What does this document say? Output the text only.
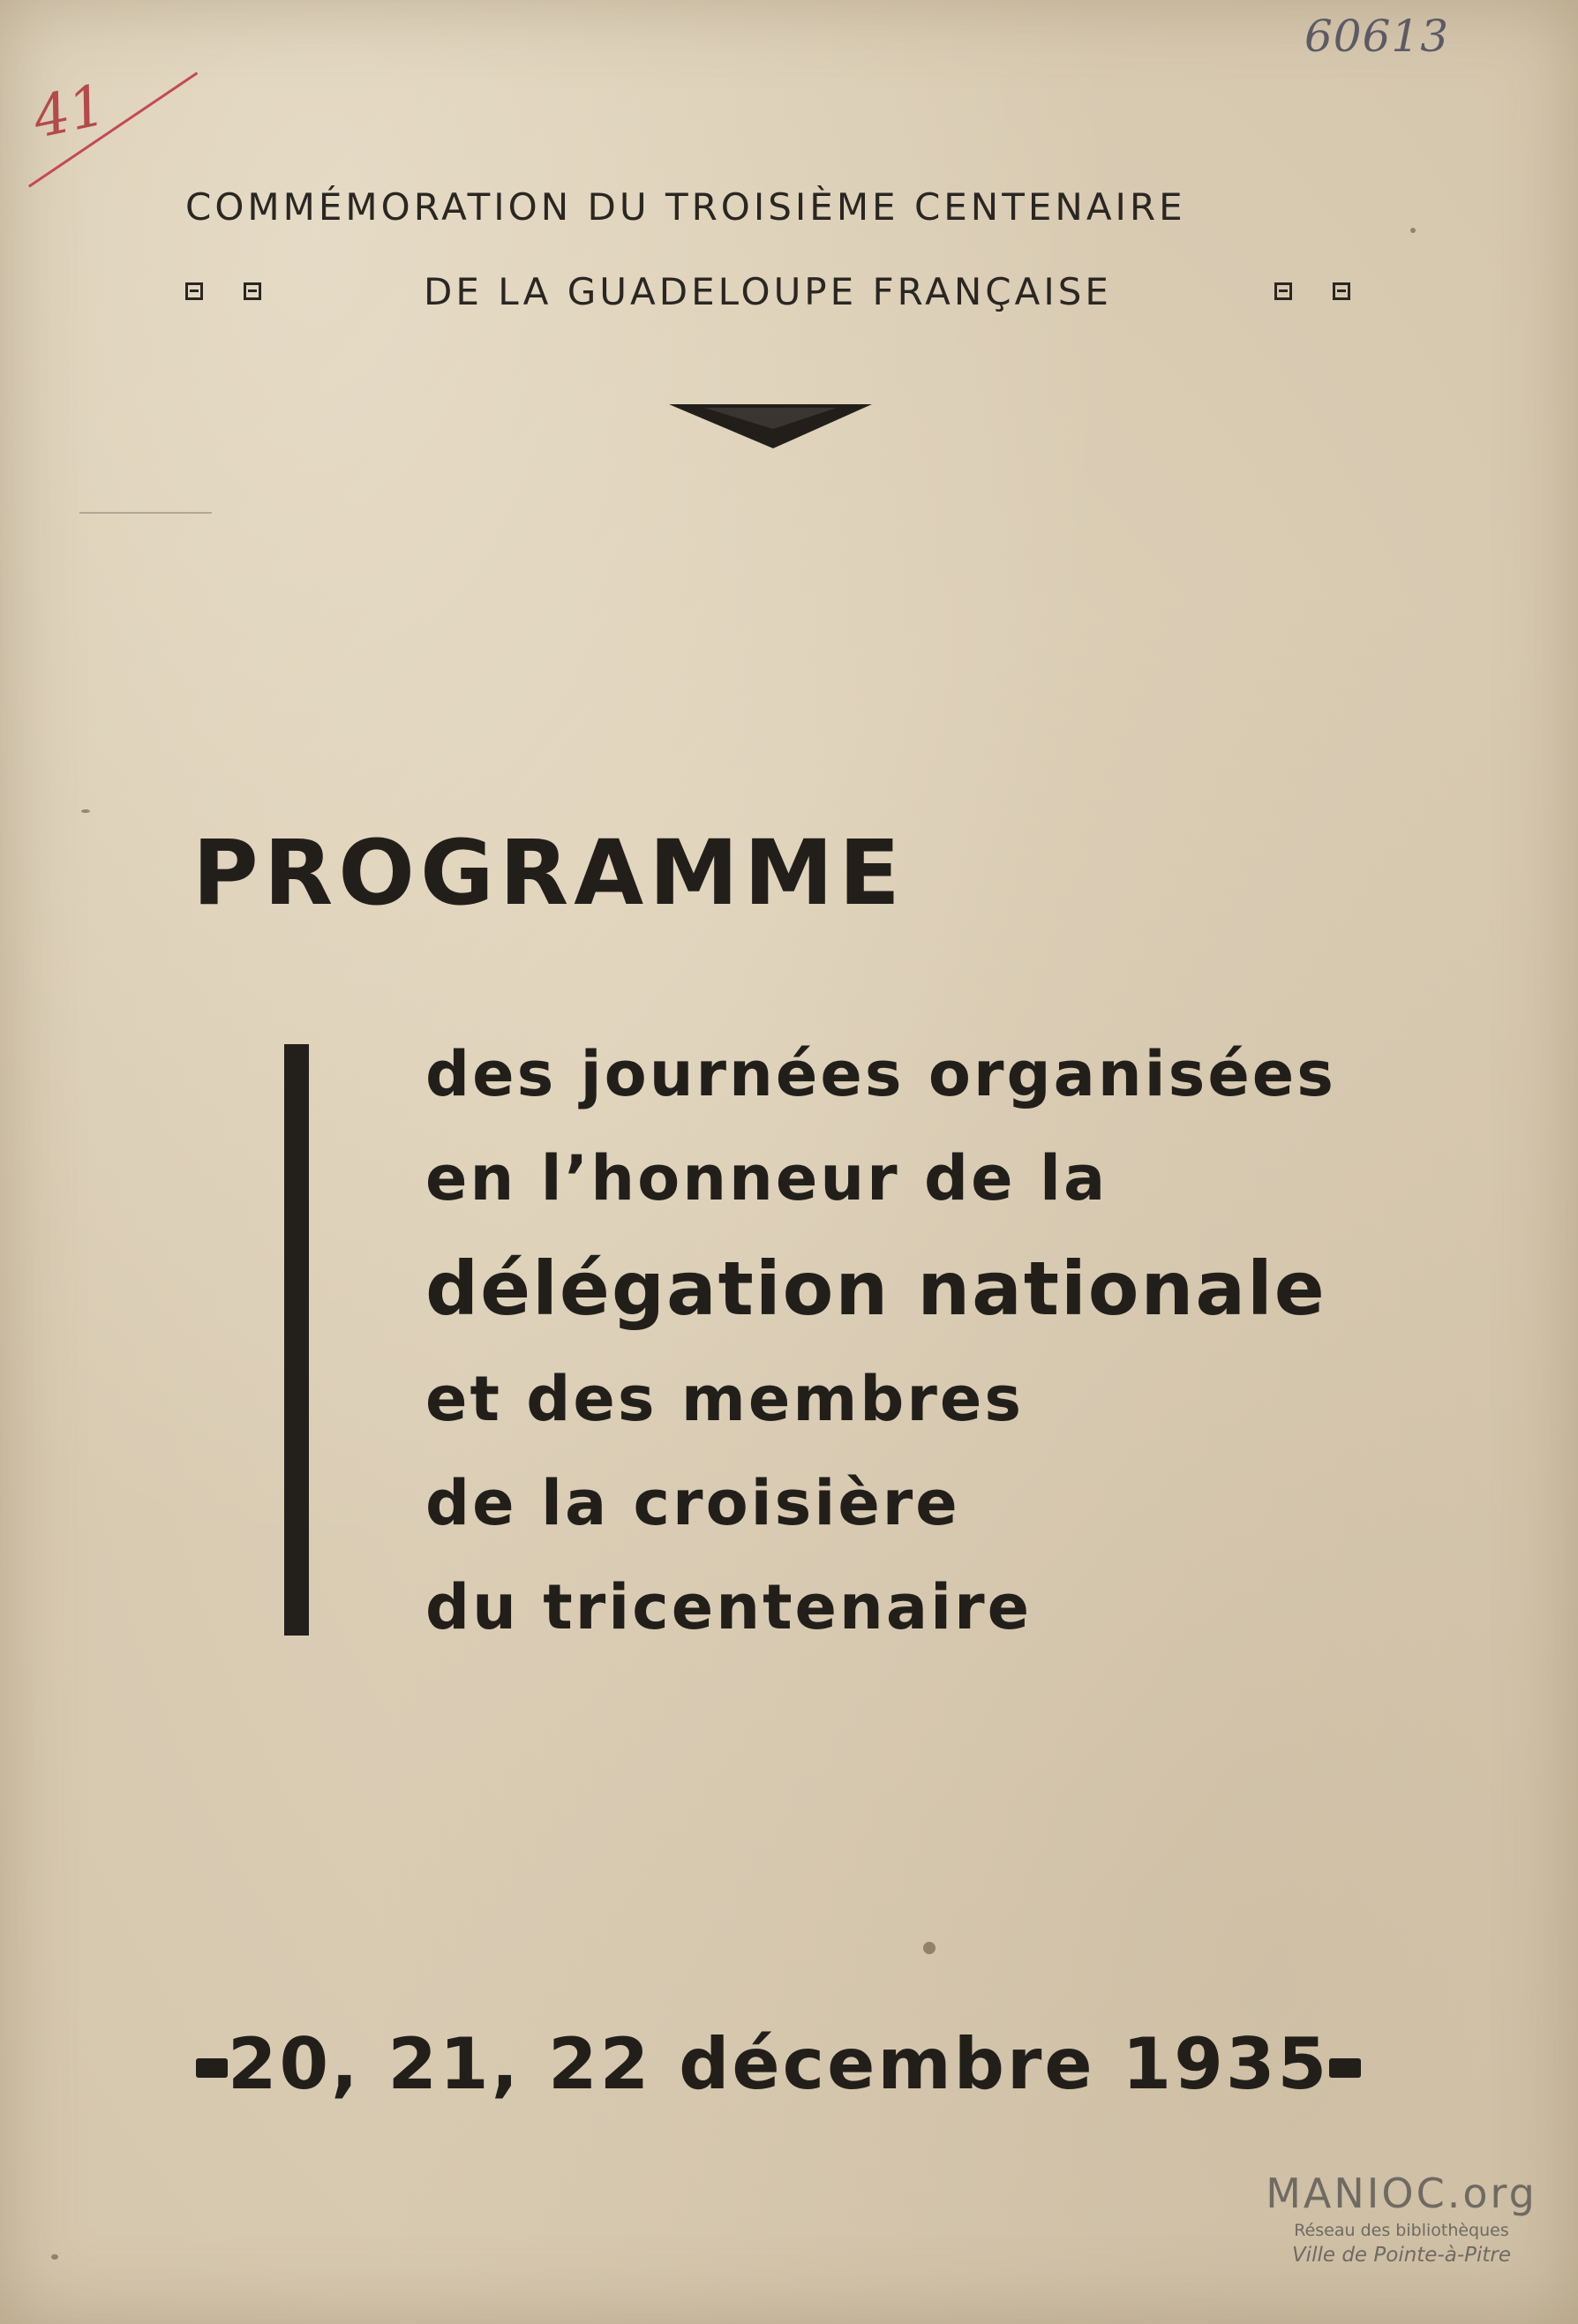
60613
41
COMMÉMORATION DU TROISIÈME CENTENAIRE
DE LA GUADELOUPE FRANÇAISE
PROGRAMME
des journées organisées
en l’honneur de la
délégation nationale
et des membres
de la croisière
du tricentenaire
20, 21, 22 décembre 1935
MANIOC.org
Réseau des bibliothèques
Ville de Pointe-à-Pitre
